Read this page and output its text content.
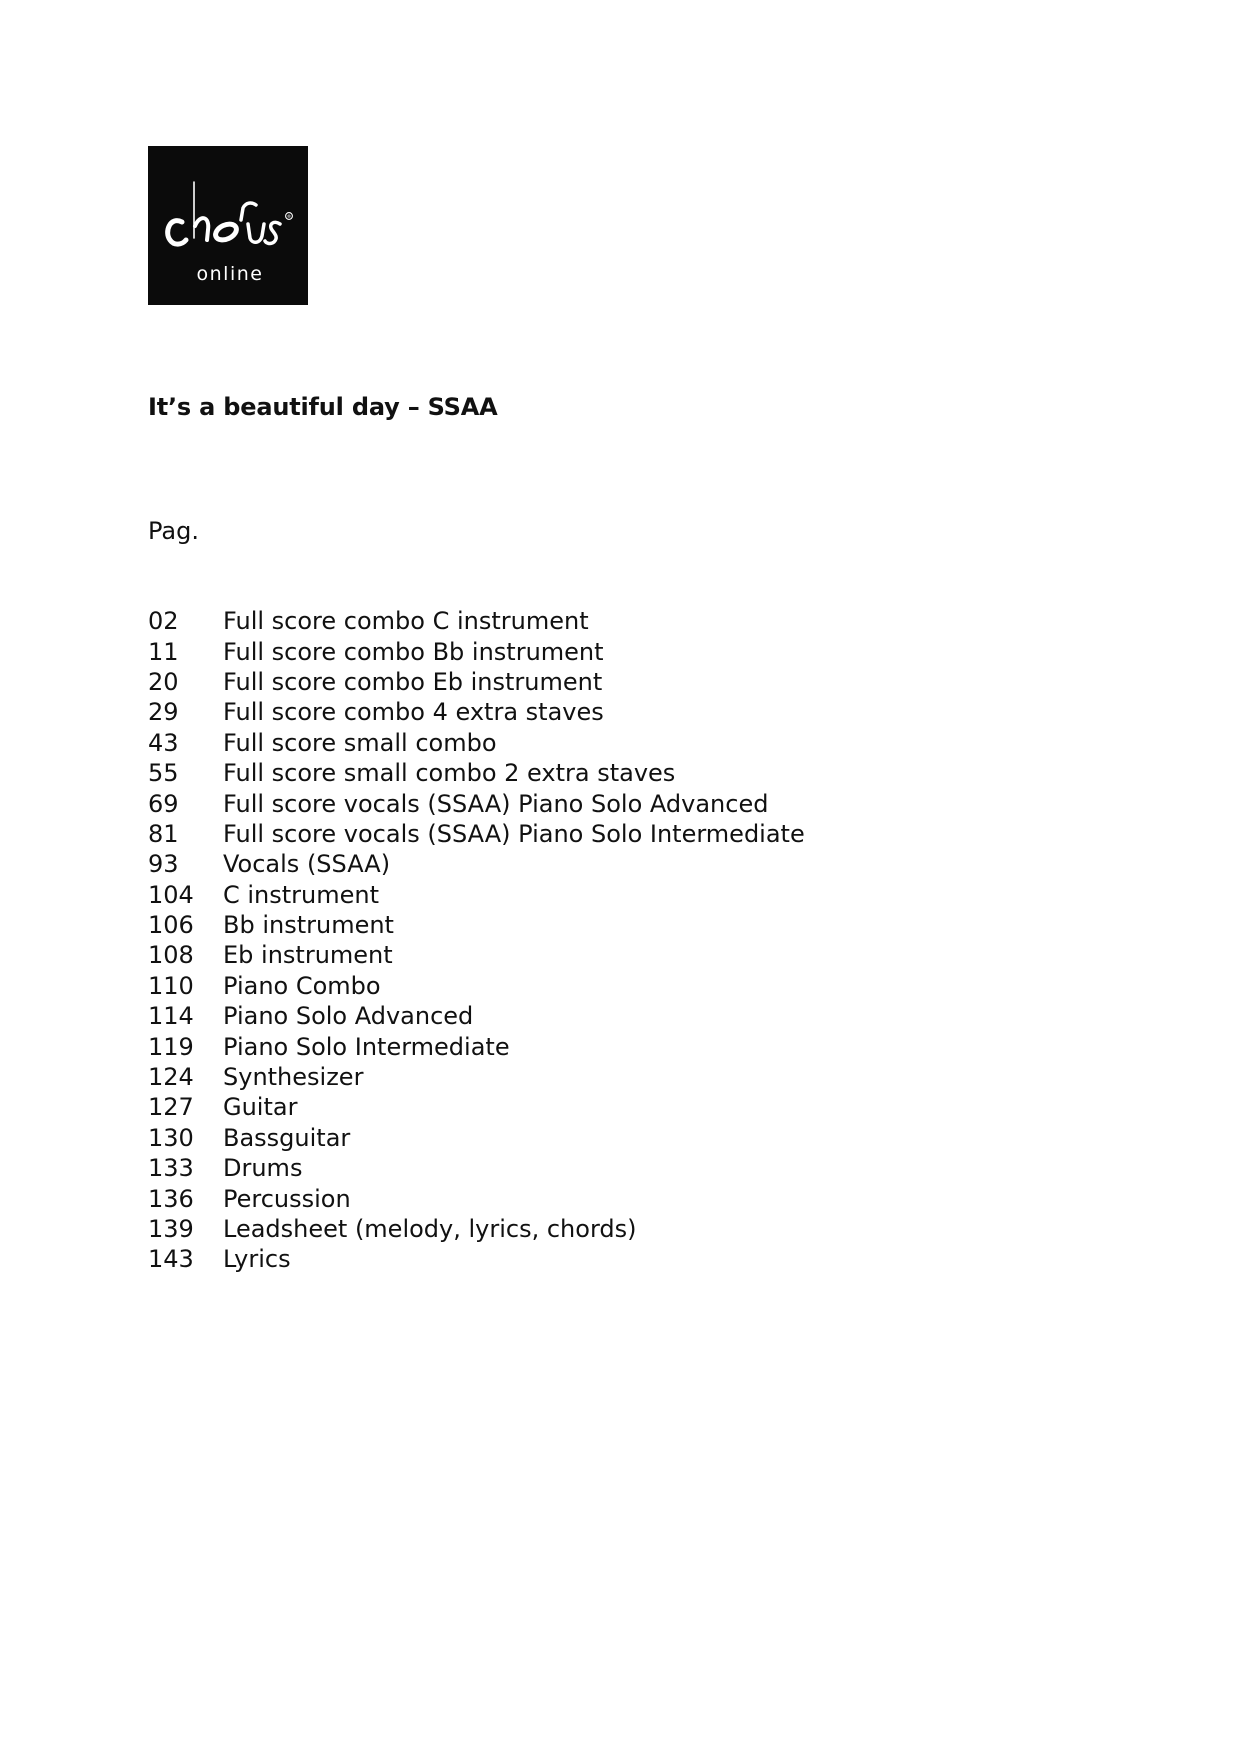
®
online
It’s a beautiful day – SSAA
Pag.
02	Full score combo C instrument
11	Full score combo Bb instrument
20	Full score combo Eb instrument
29	Full score combo 4 extra staves
43	Full score small combo
55	Full score small combo 2 extra staves
69	Full score vocals (SSAA) Piano Solo Advanced
81	Full score vocals (SSAA) Piano Solo Intermediate
93	Vocals (SSAA)
104	C instrument
106	Bb instrument
108	Eb instrument
110	Piano Combo
114	Piano Solo Advanced
119	Piano Solo Intermediate
124	Synthesizer
127	Guitar
130	Bassguitar
133	Drums
136	Percussion
139	Leadsheet (melody, lyrics, chords)
143	Lyrics
